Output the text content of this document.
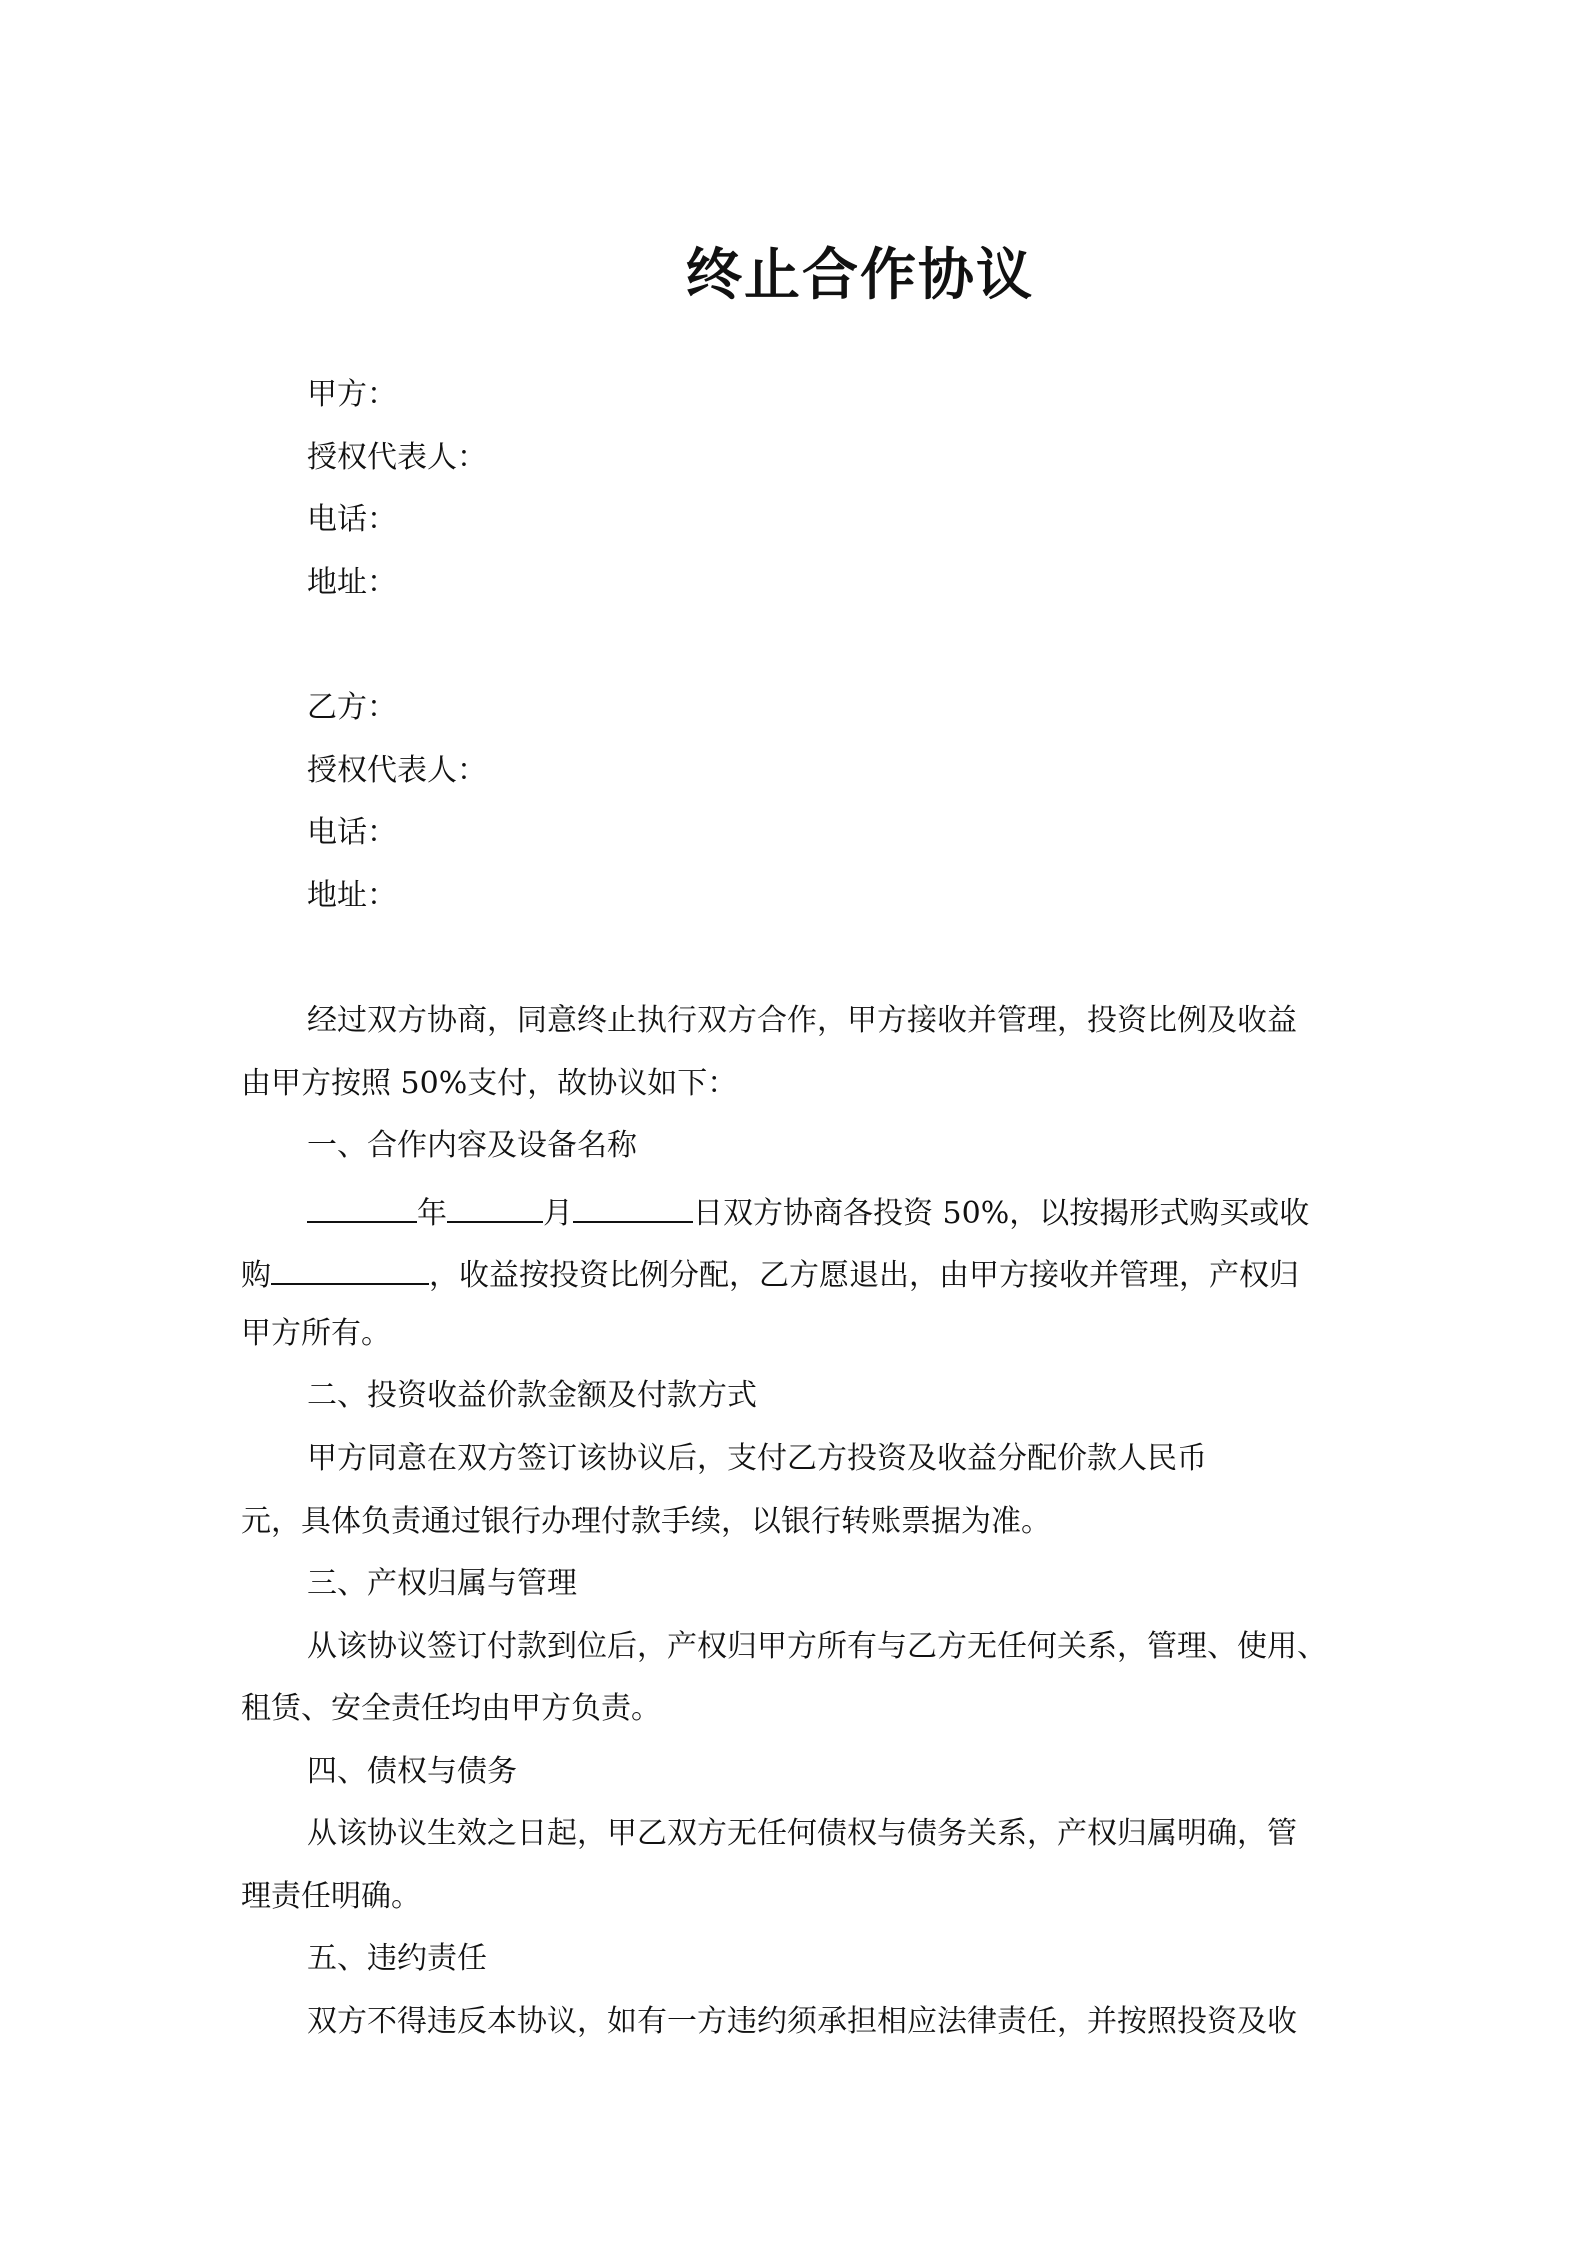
终止合作协议
甲方：
授权代表人：
电话：
地址：
乙方：
授权代表人：
电话：
地址：
经过双方协商，同意终止执行双方合作，甲方接收并管理，投资比例及收益
由甲方按照 50%支付，故协议如下：
一、合作内容及设备名称
年	月	日双方协商各投资 50%，以按揭形式购买或收
购	，收益按投资比例分配，乙方愿退出，由甲方接收并管理，产权归
甲方所有。
二、投资收益价款金额及付款方式
甲方同意在双方签订该协议后，支付乙方投资及收益分配价款人民币
元，具体负责通过银行办理付款手续，以银行转账票据为准。
三、产权归属与管理
从该协议签订付款到位后，产权归甲方所有与乙方无任何关系，管理、使用、
租赁、安全责任均由甲方负责。
四、债权与债务
从该协议生效之日起，甲乙双方无任何债权与债务关系，产权归属明确，管
理责任明确。
五、违约责任
双方不得违反本协议，如有一方违约须承担相应法律责任，并按照投资及收
